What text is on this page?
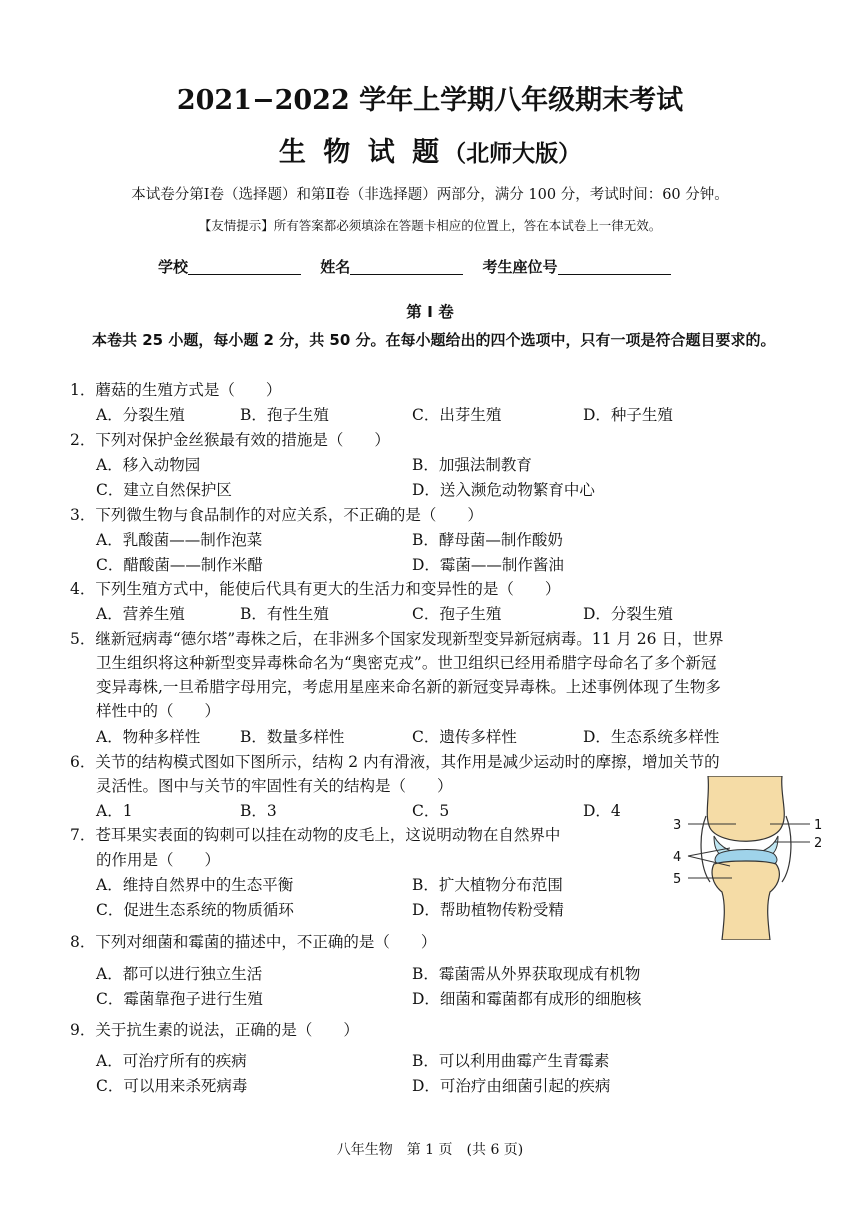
2021−2022 学年上学期八年级期末考试
生 物 试 题（北师大版）
本试卷分第Ⅰ卷（选择题）和第Ⅱ卷（非选择题）两部分，满分 100 分，考试时间：60 分钟。
【友情提示】所有答案都必须填涂在答题卡相应的位置上，答在本试卷上一律无效。
学校	姓名	考生座位号
第 Ⅰ 卷
本卷共 25 小题，每小题 2 分，共 50 分。在每小题给出的四个选项中，只有一项是符合题目要求的。
1．蘑菇的生殖方式是（　　）
A．分裂生殖	B．孢子生殖	C．出芽生殖	D．种子生殖
2．下列对保护金丝猴最有效的措施是（　　）
A．移入动物园	B．加强法制教育
C．建立自然保护区	D．送入濒危动物繁育中心
3．下列微生物与食品制作的对应关系，不正确的是（　　）
A．乳酸菌——制作泡菜	B．酵母菌—制作酸奶
C．醋酸菌——制作米醋	D．霉菌——制作酱油
4．下列生殖方式中，能使后代具有更大的生活力和变异性的是（　　）
A．营养生殖	B．有性生殖	C．孢子生殖	D．分裂生殖
5．继新冠病毒“德尔塔”毒株之后，在非洲多个国家发现新型变异新冠病毒。11 月 26 日，世界
卫生组织将这种新型变异毒株命名为“奥密克戎”。世卫组织已经用希腊字母命名了多个新冠
变异毒株,一旦希腊字母用完，考虑用星座来命名新的新冠变异毒株。上述事例体现了生物多
样性中的（　　）
A．物种多样性	B．数量多样性	C．遗传多样性	D．生态系统多样性
6．关节的结构模式图如下图所示，结构 2 内有滑液，其作用是减少运动时的摩擦，增加关节的
灵活性。图中与关节的牢固性有关的结构是（　　）
A．1	B．3	C．5	D．4
7．苍耳果实表面的钩刺可以挂在动物的皮毛上，这说明动物在自然界中
的作用是（　　）
A．维持自然界中的生态平衡	B．扩大植物分布范围
C．促进生态系统的物质循环	D．帮助植物传粉受精
8．下列对细菌和霉菌的描述中，不正确的是（　　）
A．都可以进行独立生活	B．霉菌需从外界获取现成有机物
C．霉菌靠孢子进行生殖	D．细菌和霉菌都有成形的细胞核
9．关于抗生素的说法，正确的是（　　）
A．可治疗所有的疾病	B．可以利用曲霉产生青霉素
C．可以用来杀死病毒	D．可治疗由细菌引起的疾病
3	1
2
4
5
八年生物　第 1 页　(共 6 页)
